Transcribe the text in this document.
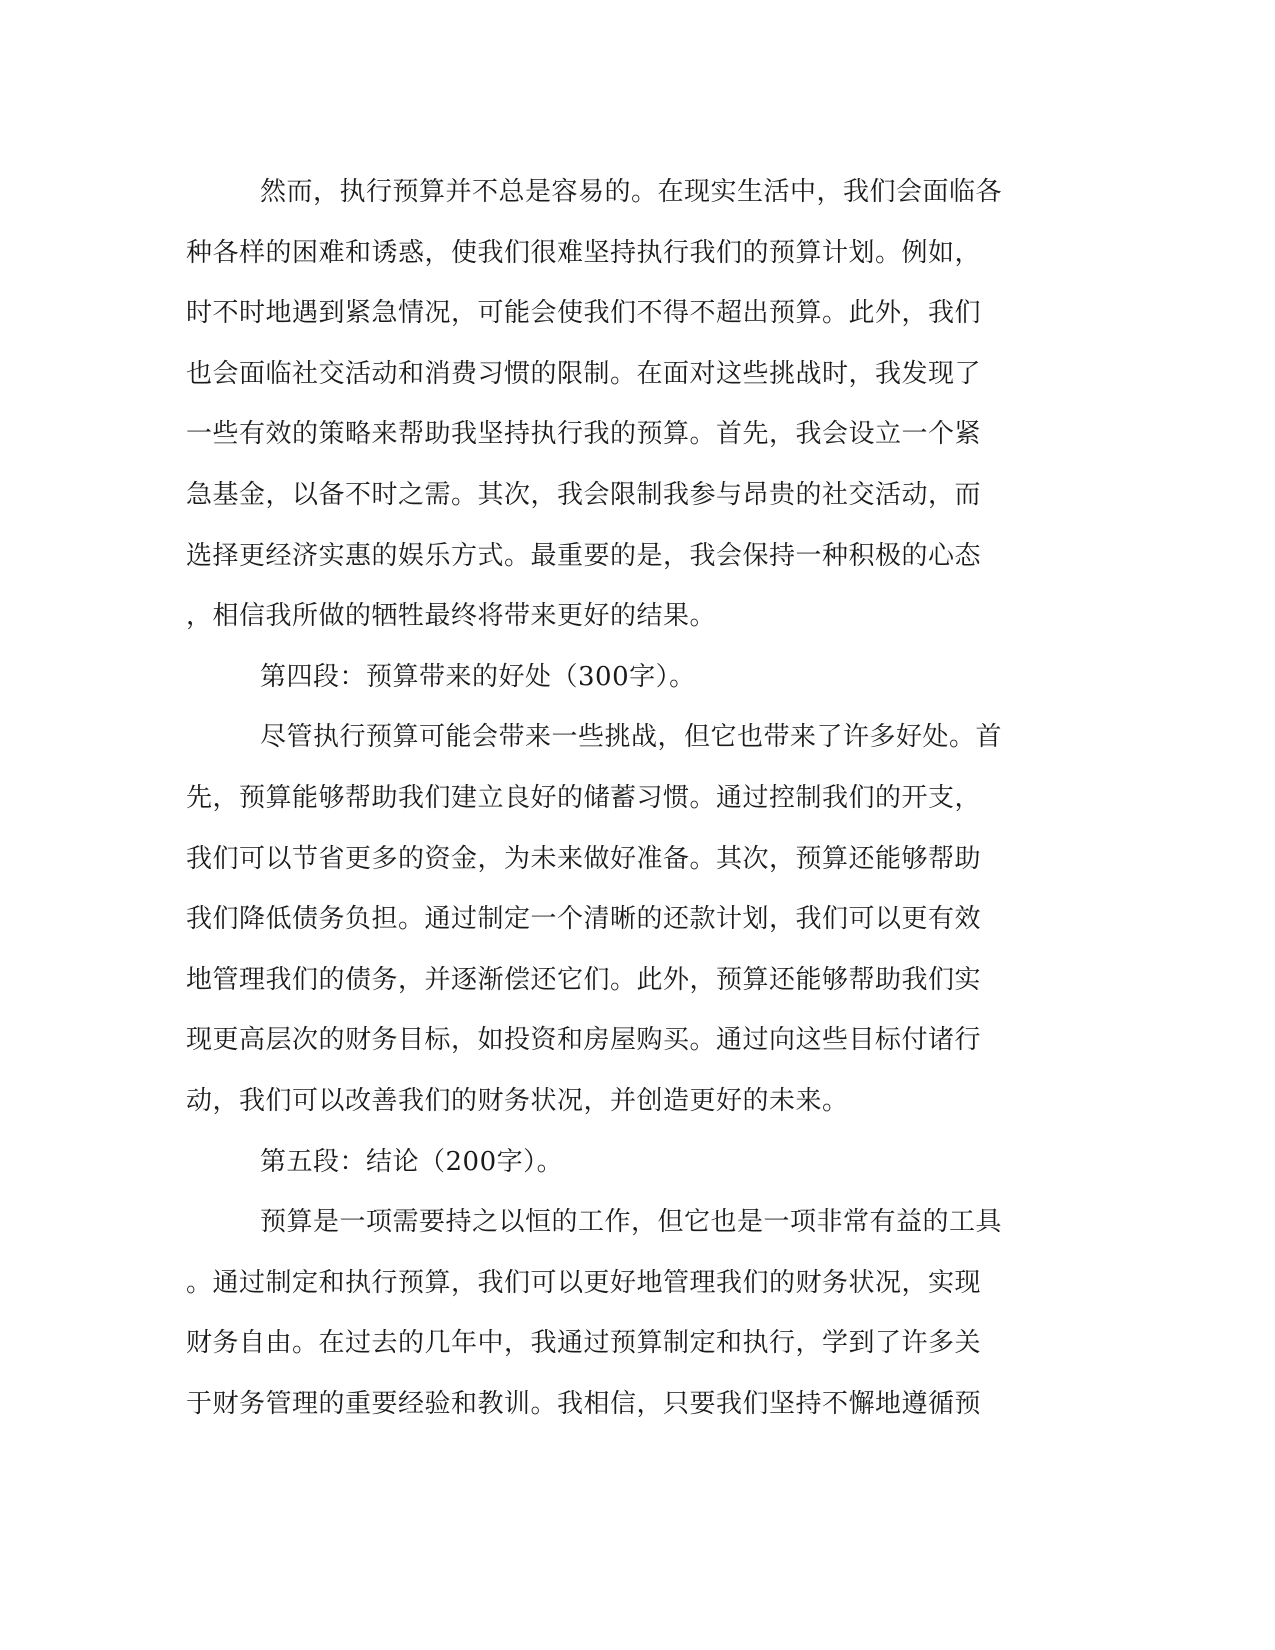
然而，执行预算并不总是容易的。在现实生活中，我们会面临各
种各样的困难和诱惑，使我们很难坚持执行我们的预算计划。例如，
时不时地遇到紧急情况，可能会使我们不得不超出预算。此外，我们
也会面临社交活动和消费习惯的限制。在面对这些挑战时，我发现了
一些有效的策略来帮助我坚持执行我的预算。首先，我会设立一个紧
急基金，以备不时之需。其次，我会限制我参与昂贵的社交活动，而
选择更经济实惠的娱乐方式。最重要的是，我会保持一种积极的心态
，相信我所做的牺牲最终将带来更好的结果。
第四段：预算带来的好处（300字）。
尽管执行预算可能会带来一些挑战，但它也带来了许多好处。首
先，预算能够帮助我们建立良好的储蓄习惯。通过控制我们的开支，
我们可以节省更多的资金，为未来做好准备。其次，预算还能够帮助
我们降低债务负担。通过制定一个清晰的还款计划，我们可以更有效
地管理我们的债务，并逐渐偿还它们。此外，预算还能够帮助我们实
现更高层次的财务目标，如投资和房屋购买。通过向这些目标付诸行
动，我们可以改善我们的财务状况，并创造更好的未来。
第五段：结论（200字）。
预算是一项需要持之以恒的工作，但它也是一项非常有益的工具
。通过制定和执行预算，我们可以更好地管理我们的财务状况，实现
财务自由。在过去的几年中，我通过预算制定和执行，学到了许多关
于财务管理的重要经验和教训。我相信，只要我们坚持不懈地遵循预
